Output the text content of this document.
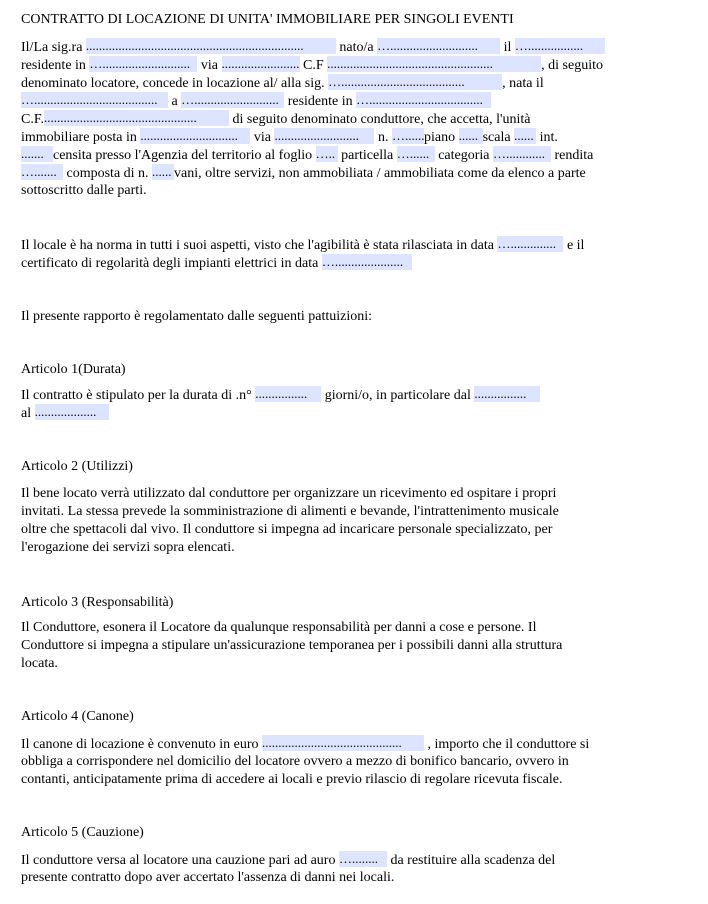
CONTRATTO DI LOCAZIONE DI UNITA' IMMOBILIARE PER SINGOLI EVENTI
Il/La sig.ra ................................................................... nato/a …........................... il ….................
residente in …........................... via ........................ C.F ...................................................	, di seguito
denominato locatore, concede in locazione al/ alla sig. …......................................	, nata il
…...................................... a ….......................... residente in …...................................
C.F................................................ di seguito denominato conduttore, che accetta, l'unità
immobiliare posta in .............................. via .......................... n. …......piano ...... scala ...... int.
....... censita presso l'Agenzia del territorio al foglio ….. particella …...... categoria …............ rendita
…....... composta di n. ...... vani, oltre servizi, non ammobiliata / ammobiliata come da elenco a parte
sottoscritto dalle parti.
Il locale è ha norma in tutti i suoi aspetti, visto che l'agibilità è stata rilasciata in data ….............. e il
certificato di regolarità degli impianti elettrici in data ….....................
Il presente rapporto è regolamentato dalle seguenti pattuizioni:
Articolo 1(Durata)
Il contratto è stipulato per la durata di .n° ................ giorni/o, in particolare dal ................
al ...................
Articolo 2 (Utilizzi)
Il bene locato verrà utilizzato dal conduttore per organizzare un ricevimento ed ospitare i propri
invitati. La stessa prevede la somministrazione di alimenti e bevande, l'intrattenimento musicale
oltre che spettacoli dal vivo. Il conduttore si impegna ad incaricare personale specializzato, per
l'erogazione dei servizi sopra elencati.
Articolo 3 (Responsabilità)
Il Conduttore, esonera il Locatore da qualunque responsabilità per danni a cose e persone. Il
Conduttore si impegna a stipulare un'assicurazione temporanea per i possibili danni alla struttura
locata.
Articolo 4 (Canone)
Il canone di locazione è convenuto in euro ........................................... , importo che il conduttore si
obbliga a corrispondere nel domicilio del locatore ovvero a mezzo di bonifico bancario, ovvero in
contanti, anticipatamente prima di accedere ai locali e previo rilascio di regolare ricevuta fiscale.
Articolo 5 (Cauzione)
Il conduttore versa al locatore una cauzione pari ad auro …........ da restituire alla scadenza del
presente contratto dopo aver accertato l'assenza di danni nei locali.
